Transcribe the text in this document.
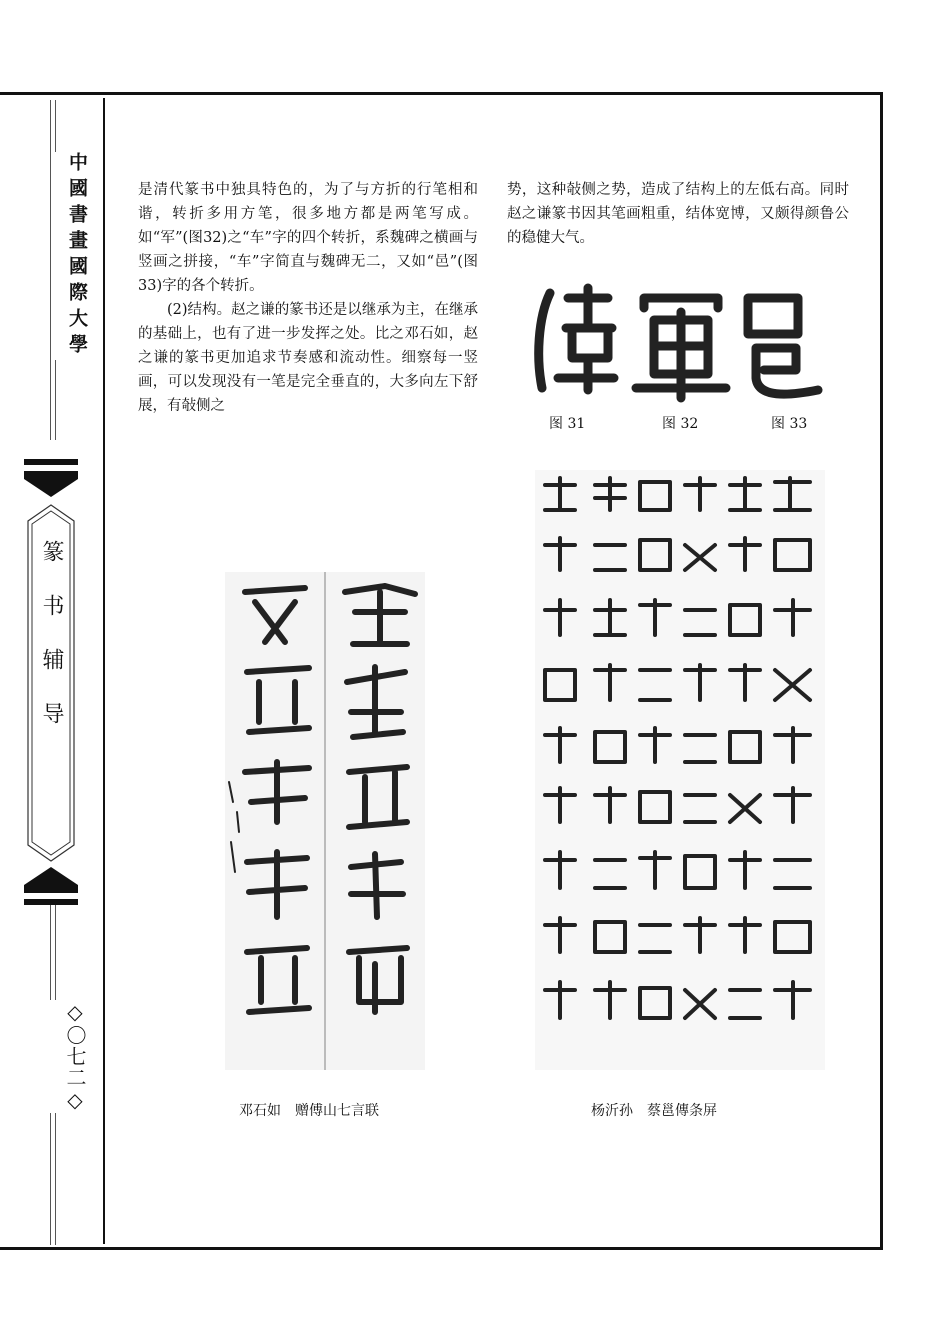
中國書畫國際大學
篆书辅导
◇〇七二◇

是清代篆书中独具特色的，为了与方折的行笔相和谐，转折多用方笔，很多地方都是两笔写成。如“军”(图32)之“车”字的四个转折，系魏碑之横画与竖画之拼接，“车”字简直与魏碑无二，又如“邑”(图33)字的各个转折。

(2)结构。赵之谦的篆书还是以继承为主，在继承的基础上，也有了进一步发挥之处。比之邓石如，赵之谦的篆书更加追求节奏感和流动性。细察每一竖画，可以发现没有一笔是完全垂直的，大多向左下舒展，有敧侧之

势，这种敧侧之势，造成了结构上的左低右高。同时赵之谦篆书因其笔画粗重，结体宽博，又颇得颜鲁公的稳健大气。

图 31	图 32	图 33
邓石如　赠傅山七言联	杨沂孙　蔡邕傳条屏
